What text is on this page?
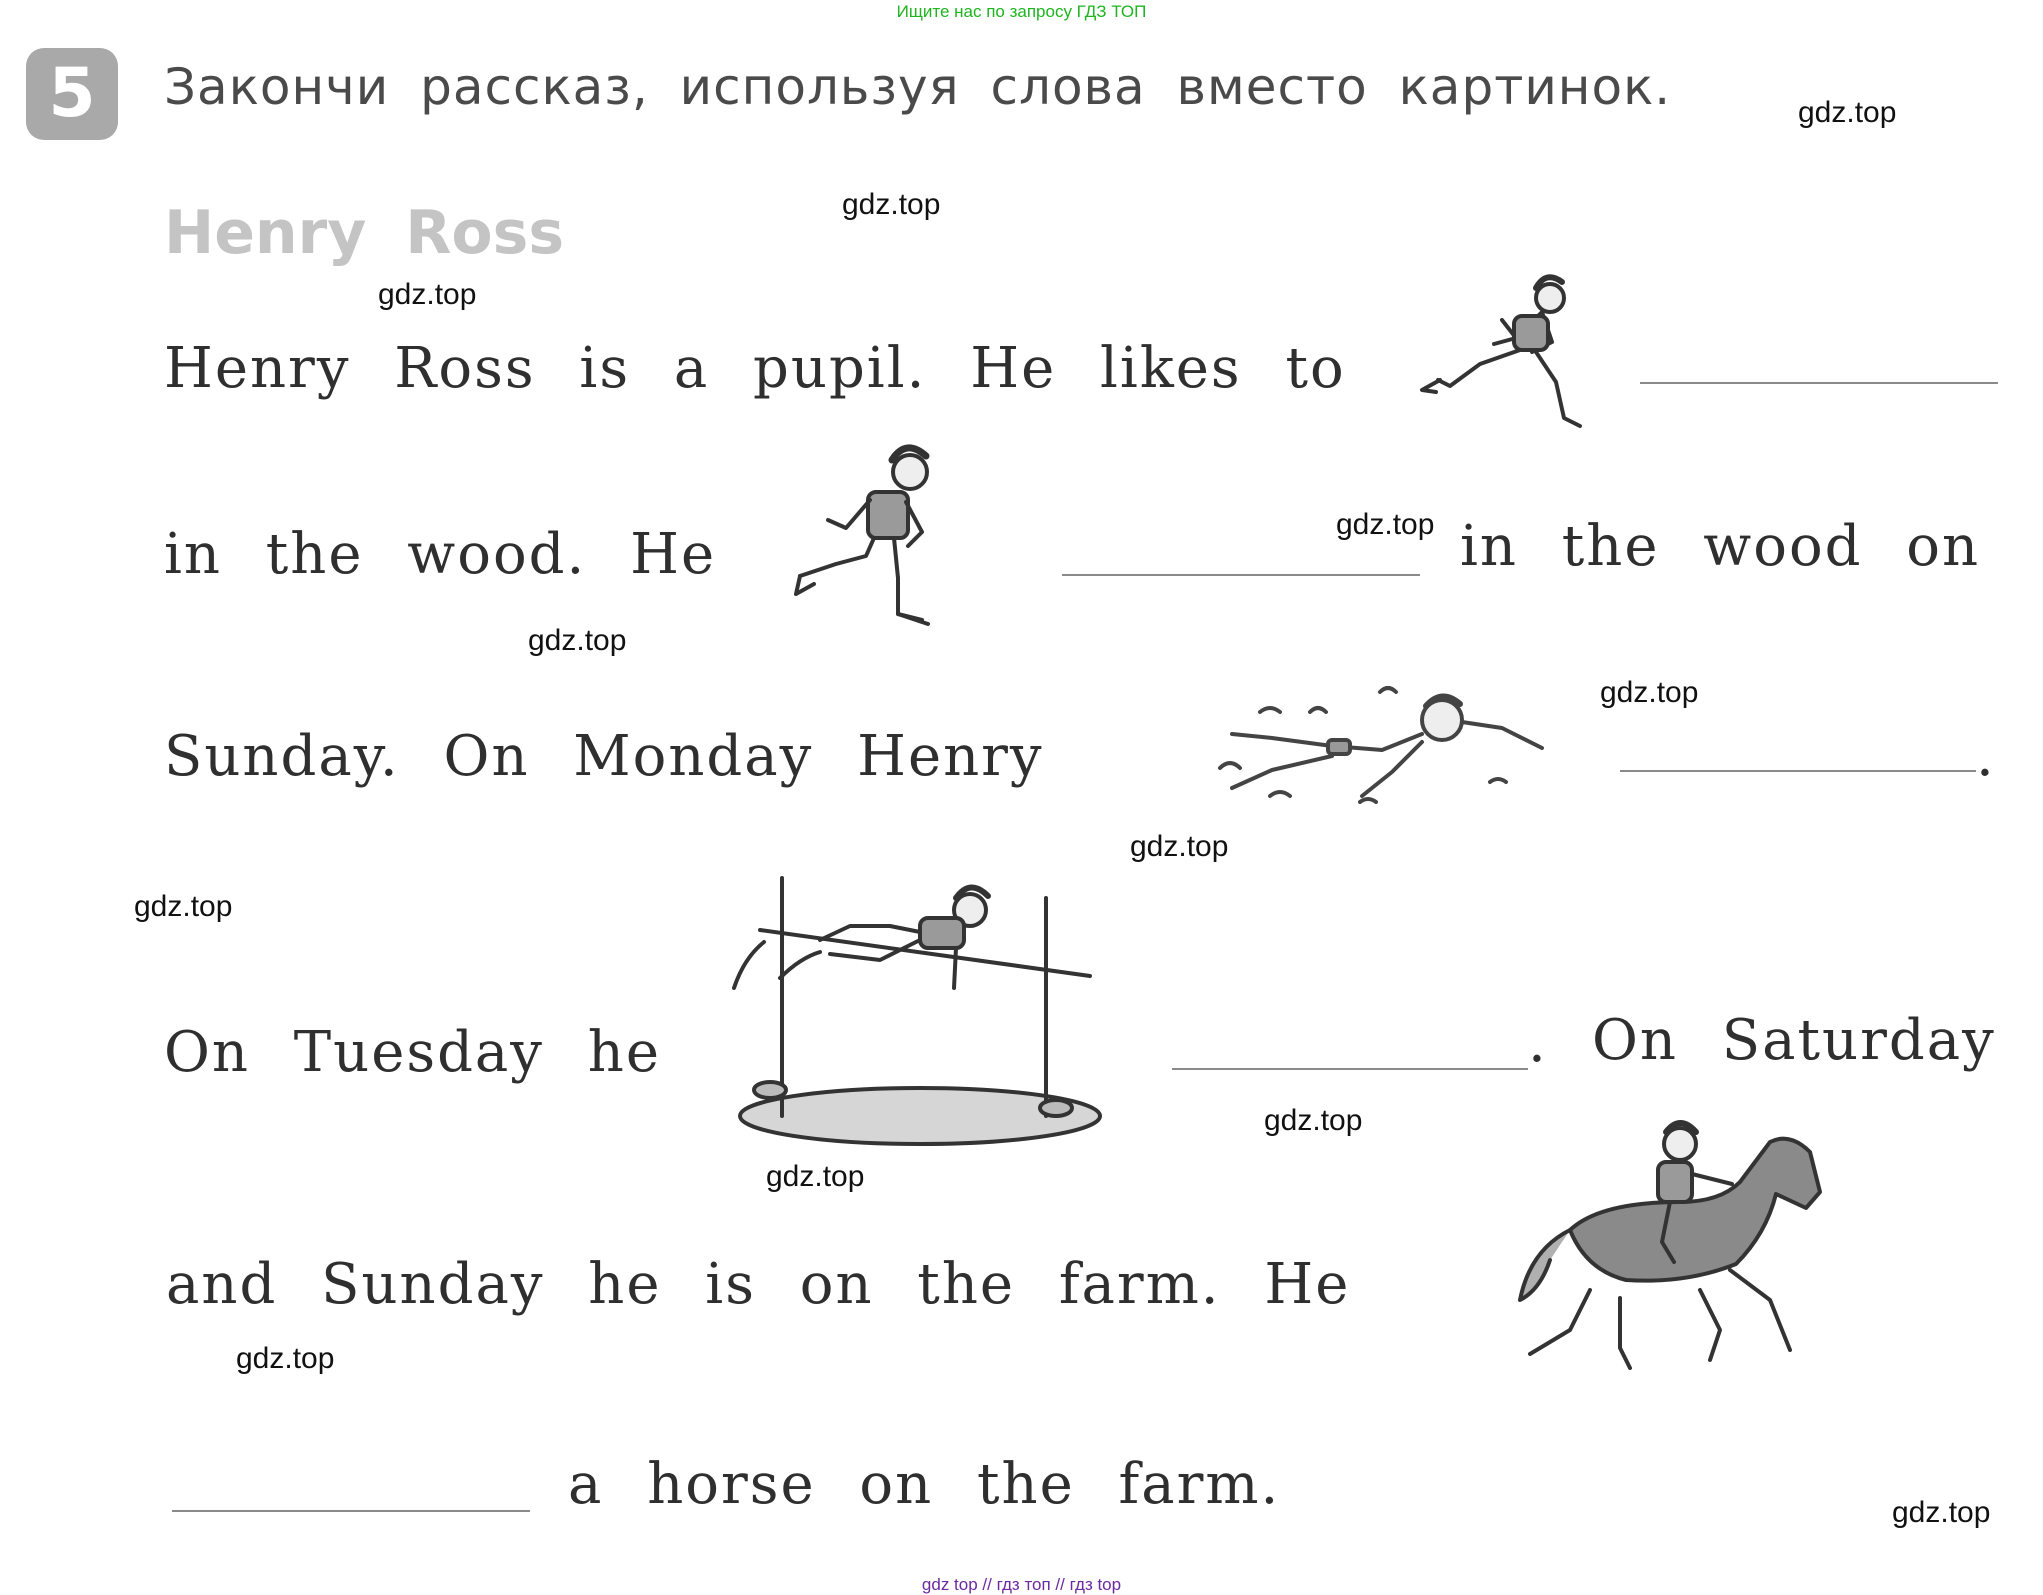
Ищите нас по запросу ГДЗ ТОП
5	Закончи рассказ, используя слова вместо картинок.
Henry Ross
Henry Ross is a pupil. He likes to
in the wood. He	in the wood on
Sunday. On Monday Henry	.
On Tuesday he	. On Saturday
and Sunday he is on the farm. He
a horse on the farm.
gdz.top
gdz.top
gdz.top
gdz.top
gdz.top
gdz.top
gdz.top
gdz.top
gdz.top
gdz.top
gdz.top
gdz.top
gdz top // гдз топ // гдз top
